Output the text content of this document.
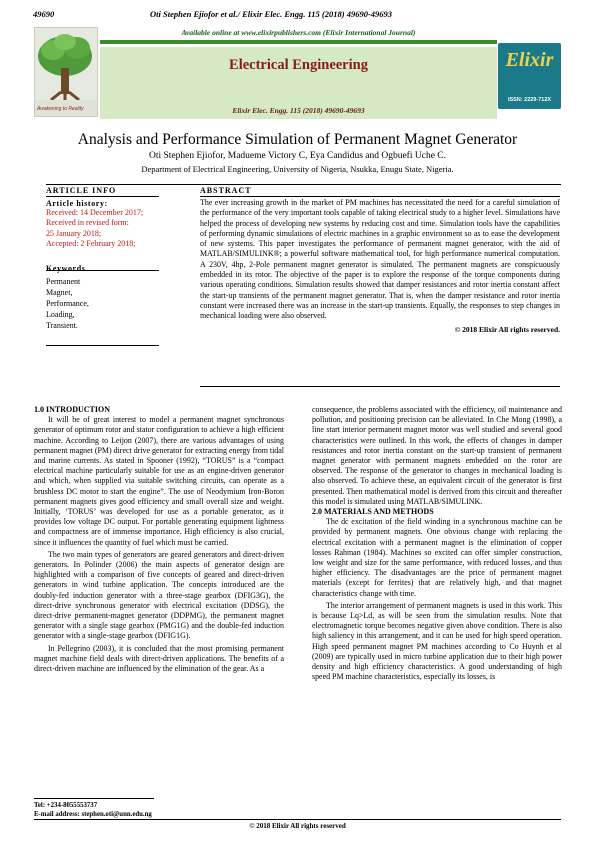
49690	Oti Stephen Ejiofor et al./ Elixir Elec. Engg. 115 (2018) 49690-49693
Awakening to Reality
Available online at www.elixirpublishers.com (Elixir International Journal)
Electrical Engineering
Elixir Elec. Engg. 115 (2018) 49690-49693
Elixir
ISSN: 2229-712X
Analysis and Performance Simulation of Permanent Magnet Generator
Oti Stephen Ejiofor, Madueme Victory C, Eya Candidus and Ogbuefi Uche C.
Department of Electrical Engineering, University of Nigeria, Nsukka, Enugu State, Nigeria.
ARTICLE INFO
Article history:
Received: 14 December 2017;
Received in revised form:
25 January 2018;
Accepted: 2 February 2018;
Keywords
Permanent
Magnet,
Performance,
Loading,
Transient.
ABSTRACT

The ever increasing growth in the market of PM machines has necessitated the need for a careful simulation of the performance of the very important tools capable of taking electrical study to a higher level. Simulations have helped the process of developing new systems by reducing cost and time. Simulation tools have the capabilities of performing dynamic simulations of electric machines in a graphic environment so as to ease the development of new systems. This paper investigates the performance of permanent magnet generator, with the aid of MATLAB/SIMULINK®; a powerful software mathematical tool, for high performance numerical computation. A 230V, 4hp, 2-Pole permanent magnet generator is simulated. The permanent magnets are conspicuously embedded in its rotor. The objective of the paper is to explore the response of the torque components during various operating conditions. Simulation results showed that damper resistances and rotor inertia constant affect the start-up transients of the permanent magnet generator. That is, when the damper resistance and rotor inertia constant were increased there was an increase in the start-up transients. Equally, the responses to step changes in mechanical loading were also observed.

© 2018 Elixir All rights reserved.
1.0 INTRODUCTION

It will be of great interest to model a permanent magnet synchronous generator of optimum rotor and stator configuration to achieve a high efficient machine. According to Leijon (2007), there are various advantages of using permanent magnet (PM) direct drive generator for extracting energy from tidal and marine currents. As stated in Spooner (1992), “TORUS” is a “compact electrical machine particularly suitable for use as an engine-driven generator and which, when supplied via suitable switching circuits, can operate as a brushless DC motor to start the engine”. The use of Neodymium Iron-Boron permanent magnets gives good efficiency and small overall size and weight. Initially, ‘TORUS’ was developed for use as a portable generator, as it provides low voltage DC output. For portable generating equipment lightness and compactness are of immense importance. High efficiency is also crucial, since it influences the quantity of fuel which must be carried.

The two main types of generators are geared generators and direct-driven generators. In Polinder (2006) the main aspects of generator design are highlighted with a comparison of five concepts of geared and direct-driven generators in wind turbine application. The concepts introduced are the doubly-fed induction generator with a three-stage gearbox (DFIG3G), the direct-drive synchronous generator with electrical excitation (DDSG), the direct-drive permanent-magnet generator (DDPMG), the permanent magnet generator with a single stage gearbox (PMG1G) and the double-fed induction generator with a single-stage gearbox (DFIG1G).

In Pellegrino (2003), it is concluded that the most promising permanent magnet machine field deals with direct-driven applications. The benefits of a direct-driven machine are influenced by the elimination of the gear. As a

consequence, the problems associated with the efficiency, oil maintenance and pollution, and positioning precision can be alleviated. In Che Mong (1998), a line start interior permanent magnet motor was well studied and several good characteristics were outlined. In this work, the effects of changes in damper resistances and rotor inertia constant on the start-up transient of permanent magnet generator with permanent magnets embedded on the rotor are observed. The response of the generator to changes in mechanical loading is also observed. To achieve these, an equivalent circuit of the generator is first presented. Then mathematical model is derived from this circuit and thereafter this model is simulated using MATLAB/SIMULINK.

2.0 MATERIALS AND METHODS

The dc excitation of the field winding in a synchronous machine can be provided by permanent magnets. One obvious change with replacing the electrical excitation with a permanent magnet is the elimination of copper losses Rahman (1984). Machines so excited can offer simpler construction, low weight and size for the same performance, with reduced losses, and thus higher efficiency. The disadvantages are the price of permanent magnet materials (except for ferrites) that are relatively high, and that magnet characteristics change with time.

The interior arrangement of permanent magnets is used in this work. This is because Lq>Ld, as will be seen from the simulation results. Note that electromagnetic torque becomes negative given above condition. There is also high saliency in this arrangement, and it can be used for high speed operation. High speed permanent magnet PM machines according to Co Huynh et al (2009) are typically used in micro turbine application due to their high power density and high efficiency characteristics. A good understanding of high speed PM machine characteristics, especially its losses, is

Tel: +234-8055553737
E-mail address: stephen.oti@unn.edu.ng
© 2018 Elixir All rights reserved
